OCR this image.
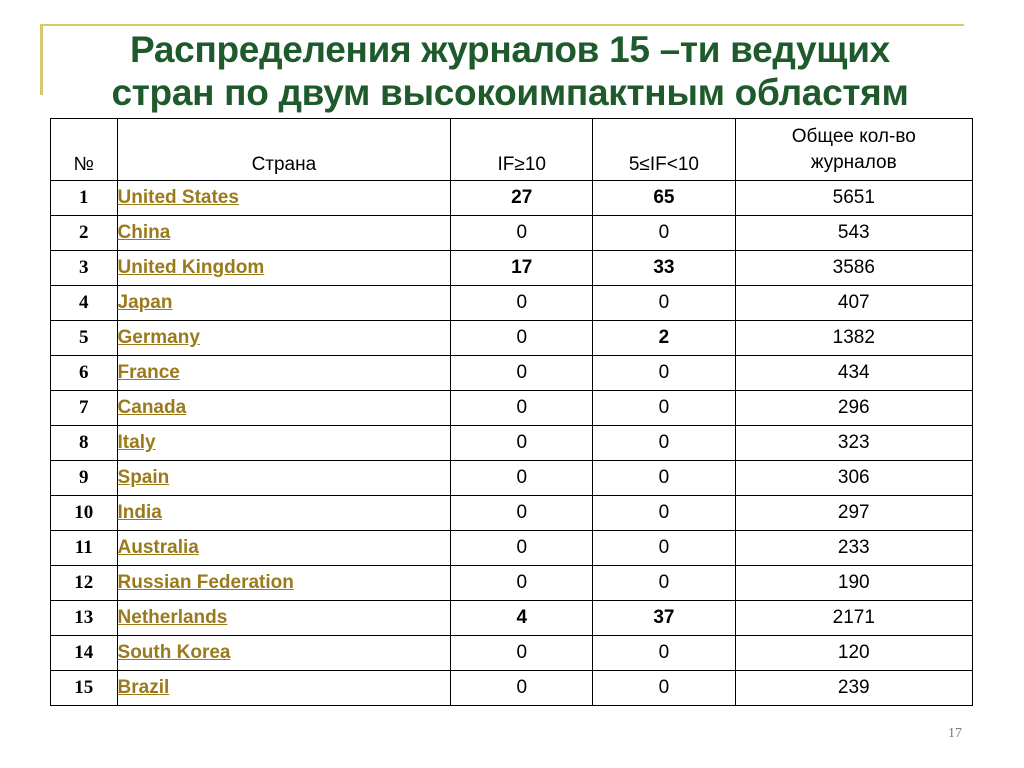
Распределения журналов 15 –ти ведущих
стран по двум высокоимпактным областям
№	Страна	IF≥10	5≤IF<10	Общее кол-во
журналов

1	United States	27	65	5651
2	China	0	0	543
3	United Kingdom	17	33	3586
4	Japan	0	0	407
5	Germany	0	2	1382
6	France	0	0	434
7	Canada	0	0	296
8	Italy	0	0	323
9	Spain	0	0	306
10	India	0	0	297
11	Australia	0	0	233
12	Russian Federation	0	0	190
13	Netherlands	4	37	2171
14	South Korea	0	0	120
15	Brazil	0	0	239
17
